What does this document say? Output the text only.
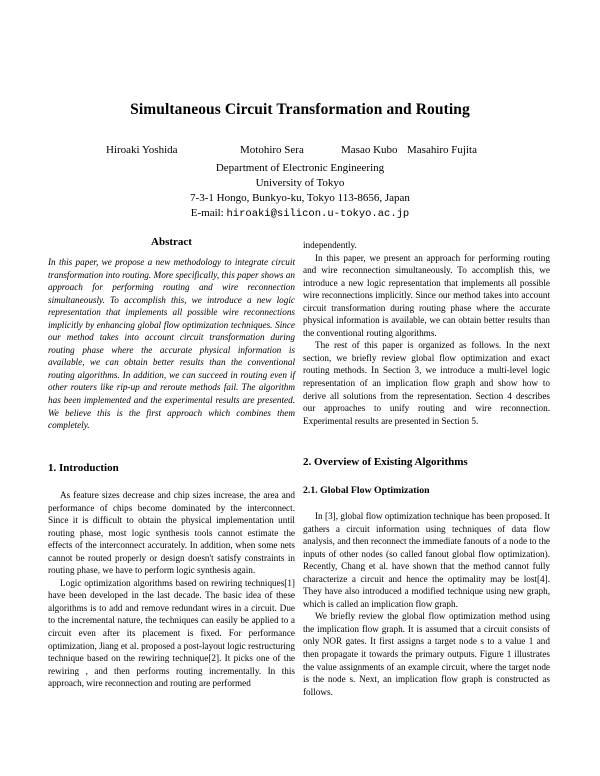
Simultaneous Circuit Transformation and Routing
Hiroaki Yoshida	Motohiro Sera	Masao Kubo Masahiro Fujita
Department of Electronic Engineering
University of Tokyo
7-3-1 Hongo, Bunkyo-ku, Tokyo 113-8656, Japan
E-mail: hiroaki@silicon.u-tokyo.ac.jp
Abstract
In this paper, we propose a new methodology to integrate circuit transformation into routing. More specifically, this paper shows an approach for performing routing and wire reconnection simultaneously. To accomplish this, we introduce a new logic representation that implements all possible wire reconnections implicitly by enhancing global flow optimization techniques. Since our method takes into account circuit transformation during routing phase where the accurate physical information is available, we can obtain better results than the conventional routing algorithms. In addition, we can succeed in routing even if other routers like rip-up and reroute methods fail. The algorithm has been implemented and the experimental results are presented. We believe this is the first approach which combines them completely.
1. Introduction

As feature sizes decrease and chip sizes increase, the area and performance of chips become dominated by the interconnect. Since it is difficult to obtain the physical implementation until routing phase, most logic synthesis tools cannot estimate the effects of the interconnect accurately. In addition, when some nets cannot be routed properly or design doesn't satisfy constraints in routing phase, we have to perform logic synthesis again.

Logic optimization algorithms based on rewiring techniques[1] have been developed in the last decade. The basic idea of these algorithms is to add and remove redundant wires in a circuit. Due to the incremental nature, the techniques can easily be applied to a circuit even after its placement is fixed. For performance optimization, Jiang et al. proposed a post-layout logic restructuring technique based on the rewiring technique[2]. It picks one of the rewiring , and then performs routing incrementally. In this approach, wire reconnection and routing are performed

independently.

In this paper, we present an approach for performing routing and wire reconnection simultaneously. To accomplish this, we introduce a new logic representation that implements all possible wire reconnections implicitly. Since our method takes into account circuit transformation during routing phase where the accurate physical information is available, we can obtain better results than the conventional routing algorithms.

The rest of this paper is organized as follows. In the next section, we briefly review global flow optimization and exact routing methods. In Section 3, we introduce a multi-level logic representation of an implication flow graph and show how to derive all solutions from the representation. Section 4 describes our approaches to unify routing and wire reconnection. Experimental results are presented in Section 5.

2. Overview of Existing Algorithms
2.1. Global Flow Optimization

In [3], global flow optimization technique has been proposed. It gathers a circuit information using techniques of data flow analysis, and then reconnect the immediate fanouts of a node to the inputs of other nodes (so called fanout global flow optimization). Recently, Chang et al. have shown that the method cannot fully characterize a circuit and hence the optimality may be lost[4]. They have also introduced a modified technique using new graph, which is called an implication flow graph.

We briefly review the global flow optimization method using the implication flow graph. It is assumed that a circuit consists of only NOR gates. It first assigns a target node s to a value 1 and then propagate it towards the primary outputs. Figure 1 illustrates the value assignments of an example circuit, where the target node is the node s. Next, an implication flow graph is constructed as follows.
